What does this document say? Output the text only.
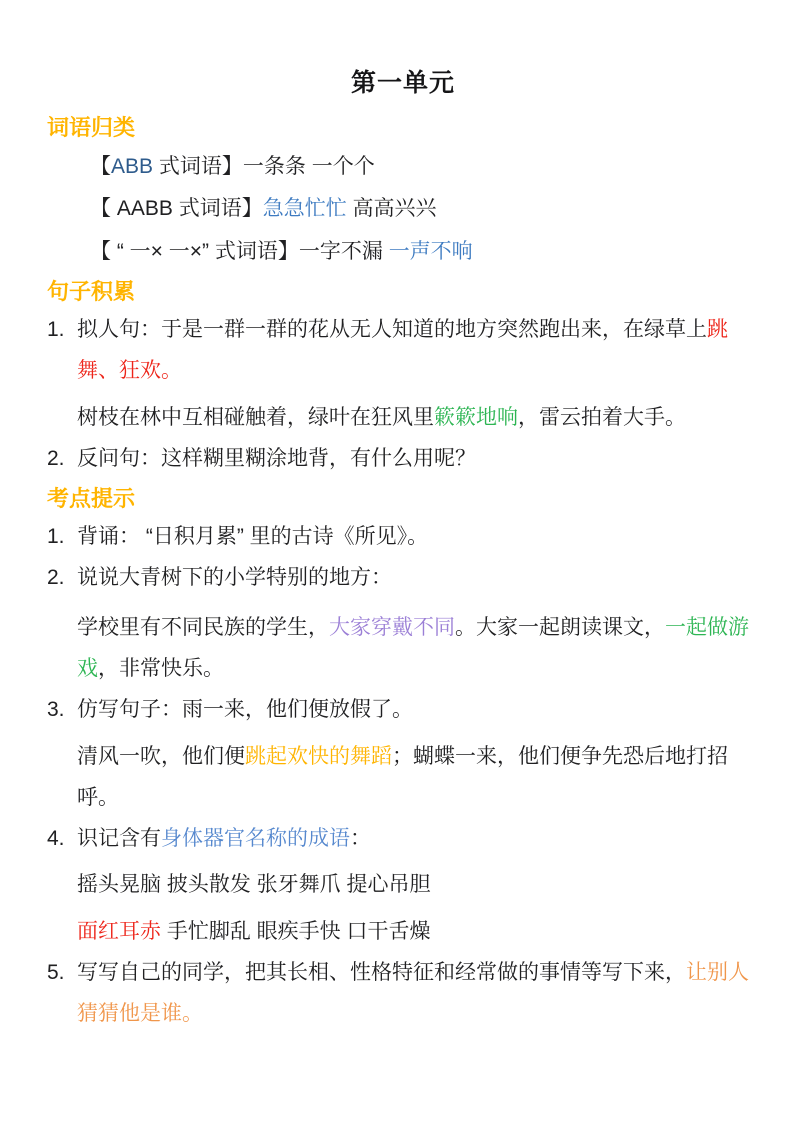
第一单元
词语归类

【ABB 式词语】一条条 一个个

【 AABB 式词语】急急忙忙 高高兴兴

【 “ 一× 一×” 式词语】一字不漏 一声不响

句子积累
1. 拟人句：于是一群一群的花从无人知道的地方突然跑出来，在绿草上跳舞、狂欢。
树枝在林中互相碰触着，绿叶在狂风里簌簌地响，雷云拍着大手。
2. 反问句：这样糊里糊涂地背，有什么用呢？
考点提示
1. 背诵： “日积月累” 里的古诗《所见》。
2. 说说大青树下的小学特别的地方：
学校里有不同民族的学生，大家穿戴不同。大家一起朗读课文，一起做游戏，非常快乐。
3. 仿写句子：雨一来，他们便放假了。
清风一吹，他们便跳起欢快的舞蹈；蝴蝶一来，他们便争先恐后地打招呼。
4. 识记含有身体器官名称的成语：
摇头晃脑 披头散发 张牙舞爪 提心吊胆
面红耳赤 手忙脚乱 眼疾手快 口干舌燥
5. 写写自己的同学，把其长相、性格特征和经常做的事情等写下来，让别人猜猜他是谁。
